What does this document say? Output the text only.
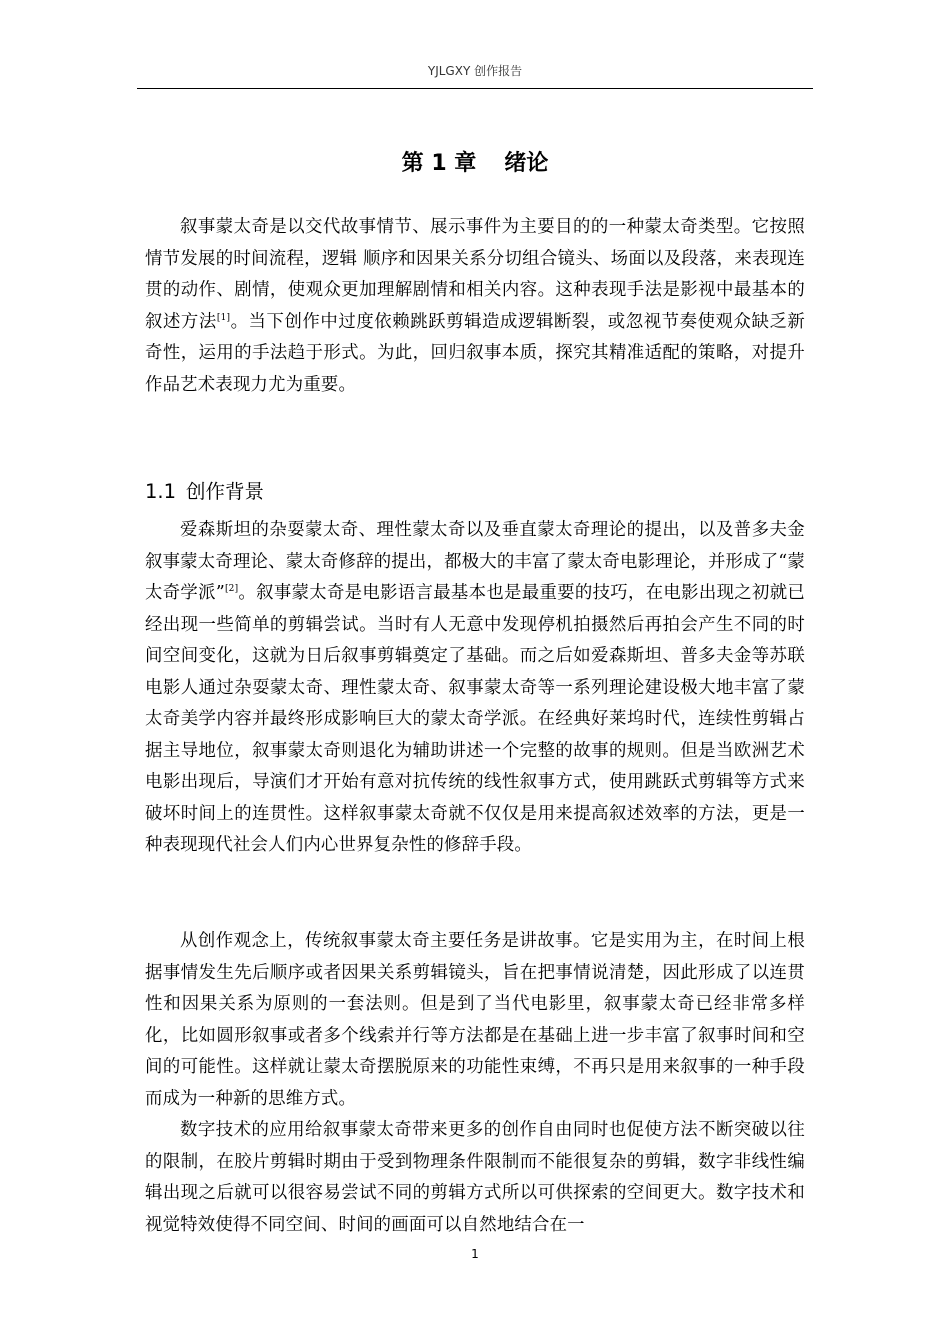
YJLGXY 创作报告
第 1 章 绪论

叙事蒙太奇是以交代故事情节、展示事件为主要目的的一种蒙太奇类型。它按照情节发展的时间流程，逻辑 顺序和因果关系分切组合镜头、场面以及段落，来表现连贯的动作、剧情，使观众更加理解剧情和相关内容。这种表现手法是影视中最基本的叙述方法[1]。当下创作中过度依赖跳跃剪辑造成逻辑断裂，或忽视节奏使观众缺乏新奇性，运用的手法趋于形式。为此，回归叙事本质，探究其精准适配的策略，对提升作品艺术表现力尤为重要。

1.1 创作背景

爱森斯坦的杂耍蒙太奇、理性蒙太奇以及垂直蒙太奇理论的提出，以及普多夫金叙事蒙太奇理论、蒙太奇修辞的提出，都极大的丰富了蒙太奇电影理论，并形成了“蒙太奇学派”[2]。叙事蒙太奇是电影语言最基本也是最重要的技巧，在电影出现之初就已经出现一些简单的剪辑尝试。当时有人无意中发现停机拍摄然后再拍会产生不同的时间空间变化，这就为日后叙事剪辑奠定了基础。而之后如爱森斯坦、普多夫金等苏联电影人通过杂耍蒙太奇、理性蒙太奇、叙事蒙太奇等一系列理论建设极大地丰富了蒙太奇美学内容并最终形成影响巨大的蒙太奇学派。在经典好莱坞时代，连续性剪辑占据主导地位，叙事蒙太奇则退化为辅助讲述一个完整的故事的规则。但是当欧洲艺术电影出现后，导演们才开始有意对抗传统的线性叙事方式，使用跳跃式剪辑等方式来破坏时间上的连贯性。这样叙事蒙太奇就不仅仅是用来提高叙述效率的方法，更是一种表现现代社会人们内心世界复杂性的修辞手段。

从创作观念上，传统叙事蒙太奇主要任务是讲故事。它是实用为主，在时间上根据事情发生先后顺序或者因果关系剪辑镜头，旨在把事情说清楚，因此形成了以连贯性和因果关系为原则的一套法则。但是到了当代电影里，叙事蒙太奇已经非常多样化，比如圆形叙事或者多个线索并行等方法都是在基础上进一步丰富了叙事时间和空间的可能性。这样就让蒙太奇摆脱原来的功能性束缚，不再只是用来叙事的一种手段而成为一种新的思维方式。

数字技术的应用给叙事蒙太奇带来更多的创作自由同时也促使方法不断突破以往的限制，在胶片剪辑时期由于受到物理条件限制而不能很复杂的剪辑，数字非线性编辑出现之后就可以很容易尝试不同的剪辑方式所以可供探索的空间更大。数字技术和视觉特效使得不同空间、时间的画面可以自然地结合在一

1
